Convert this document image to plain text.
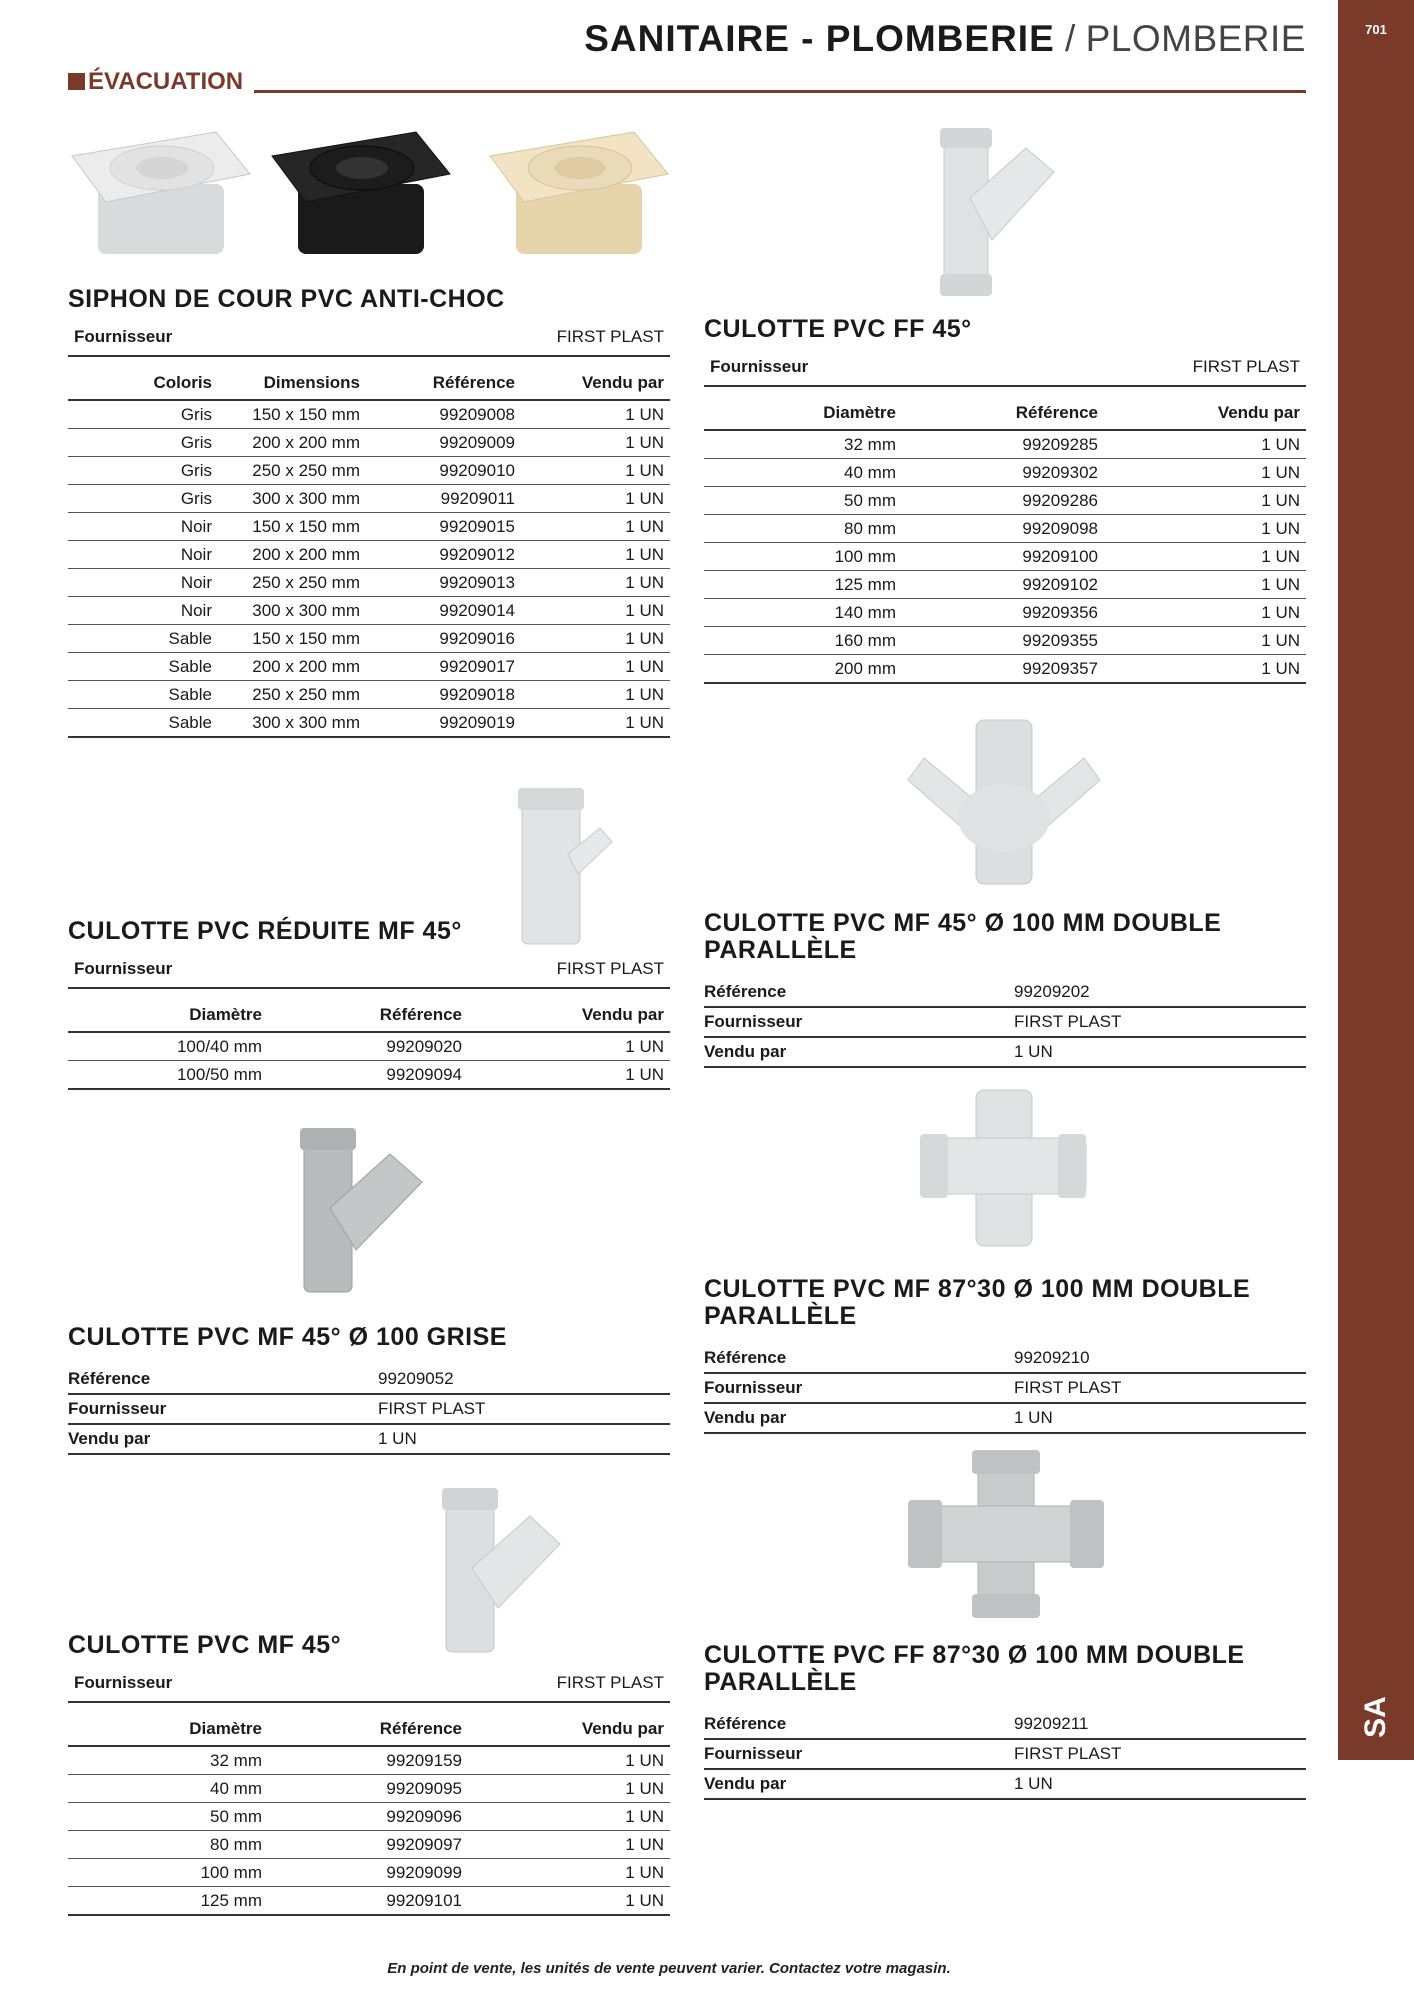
SANITAIRE - PLOMBERIE / PLOMBERIE	701
SA
ÉVACUATION
SIPHON DE COUR PVC ANTI-CHOC
Fournisseur	FIRST PLAST
Coloris	Dimensions	Référence	Vendu par
Gris	150 x 150 mm	99209008	1 UN
Gris	200 x 200 mm	99209009	1 UN
Gris	250 x 250 mm	99209010	1 UN
Gris	300 x 300 mm	99209011	1 UN
Noir	150 x 150 mm	99209015	1 UN
Noir	200 x 200 mm	99209012	1 UN
Noir	250 x 250 mm	99209013	1 UN
Noir	300 x 300 mm	99209014	1 UN
Sable	150 x 150 mm	99209016	1 UN
Sable	200 x 200 mm	99209017	1 UN
Sable	250 x 250 mm	99209018	1 UN
Sable	300 x 300 mm	99209019	1 UN
CULOTTE PVC FF 45°
Fournisseur	FIRST PLAST
Diamètre	Référence	Vendu par
32 mm	99209285	1 UN
40 mm	99209302	1 UN
50 mm	99209286	1 UN
80 mm	99209098	1 UN
100 mm	99209100	1 UN
125 mm	99209102	1 UN
140 mm	99209356	1 UN
160 mm	99209355	1 UN
200 mm	99209357	1 UN
CULOTTE PVC RÉDUITE MF 45°
Fournisseur	FIRST PLAST
Diamètre	Référence	Vendu par
100/40 mm	99209020	1 UN
100/50 mm	99209094	1 UN
CULOTTE PVC MF 45° Ø 100 MM DOUBLE
PARALLÈLE
Référence	99209202
Fournisseur	FIRST PLAST
Vendu par	1 UN
CULOTTE PVC MF 45° Ø 100 GRISE
Référence	99209052
Fournisseur	FIRST PLAST
Vendu par	1 UN
CULOTTE PVC MF 87°30 Ø 100 MM DOUBLE
PARALLÈLE
Référence	99209210
Fournisseur	FIRST PLAST
Vendu par	1 UN
CULOTTE PVC MF 45°
Fournisseur	FIRST PLAST
Diamètre	Référence	Vendu par
32 mm	99209159	1 UN
40 mm	99209095	1 UN
50 mm	99209096	1 UN
80 mm	99209097	1 UN
100 mm	99209099	1 UN
125 mm	99209101	1 UN
CULOTTE PVC FF 87°30 Ø 100 MM DOUBLE
PARALLÈLE
Référence	99209211
Fournisseur	FIRST PLAST
Vendu par	1 UN
En point de vente, les unités de vente peuvent varier. Contactez votre magasin.
